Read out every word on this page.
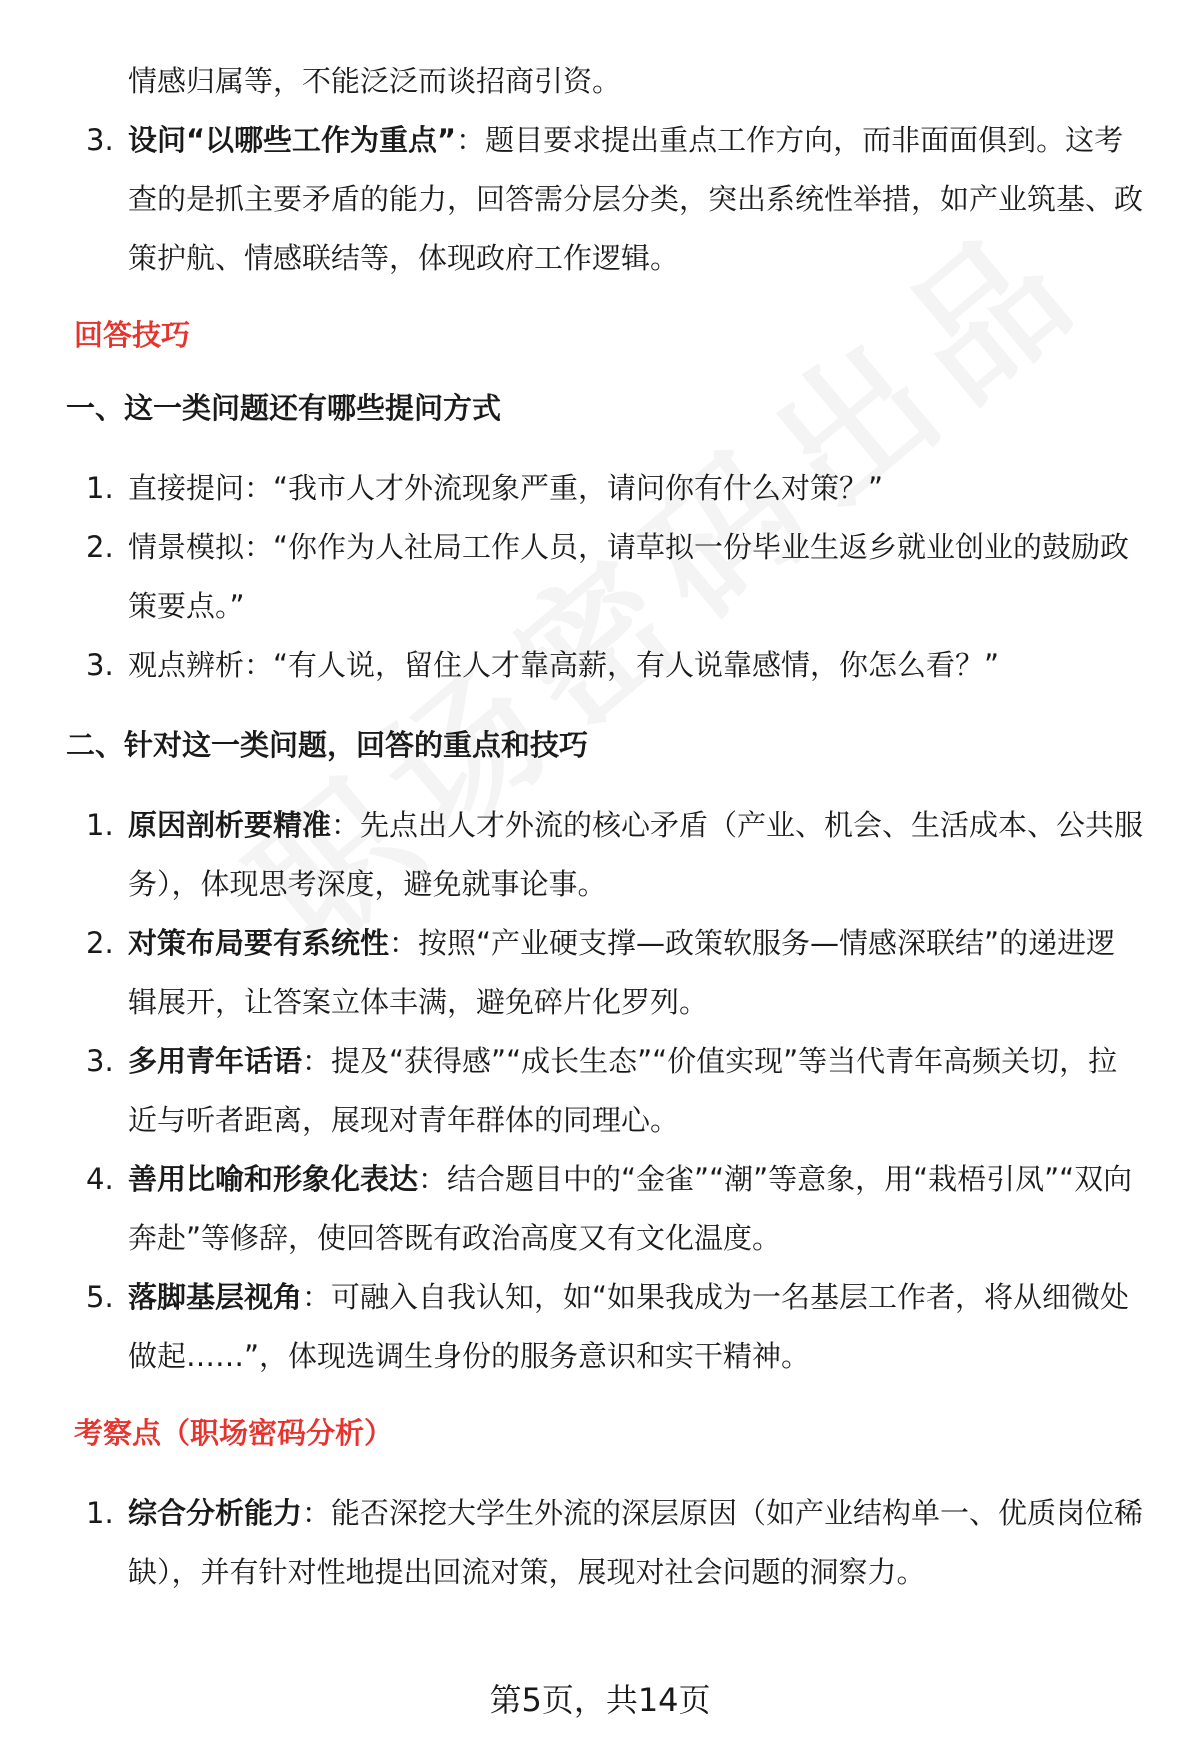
情感归属等，不能泛泛而谈招商引资。

3. 设问“以哪些工作为重点”：题目要求提出重点工作方向，而非面面俱到。这考查的是抓主要矛盾的能力，回答需分层分类，突出系统性举措，如产业筑基、政策护航、情感联结等，体现政府工作逻辑。

回答技巧

一、这一类问题还有哪些提问方式

1. 直接提问：“我市人才外流现象严重，请问你有什么对策？”

2. 情景模拟：“你作为人社局工作人员，请草拟一份毕业生返乡就业创业的鼓励政策要点。”

3. 观点辨析：“有人说，留住人才靠高薪，有人说靠感情，你怎么看？”

二、针对这一类问题，回答的重点和技巧

1. 原因剖析要精准：先点出人才外流的核心矛盾（产业、机会、生活成本、公共服务），体现思考深度，避免就事论事。

2. 对策布局要有系统性：按照“产业硬支撑—政策软服务—情感深联结”的递进逻辑展开，让答案立体丰满，避免碎片化罗列。

3. 多用青年话语：提及“获得感”“成长生态”“价值实现”等当代青年高频关切，拉近与听者距离，展现对青年群体的同理心。

4. 善用比喻和形象化表达：结合题目中的“金雀”“潮”等意象，用“栽梧引凤”“双向奔赴”等修辞，使回答既有政治高度又有文化温度。

5. 落脚基层视角：可融入自我认知，如“如果我成为一名基层工作者，将从细微处做起……”，体现选调生身份的服务意识和实干精神。

考察点（职场密码分析）

1. 综合分析能力：能否深挖大学生外流的深层原因（如产业结构单一、优质岗位稀缺），并有针对性地提出回流对策，展现对社会问题的洞察力。

第5页，共14页
